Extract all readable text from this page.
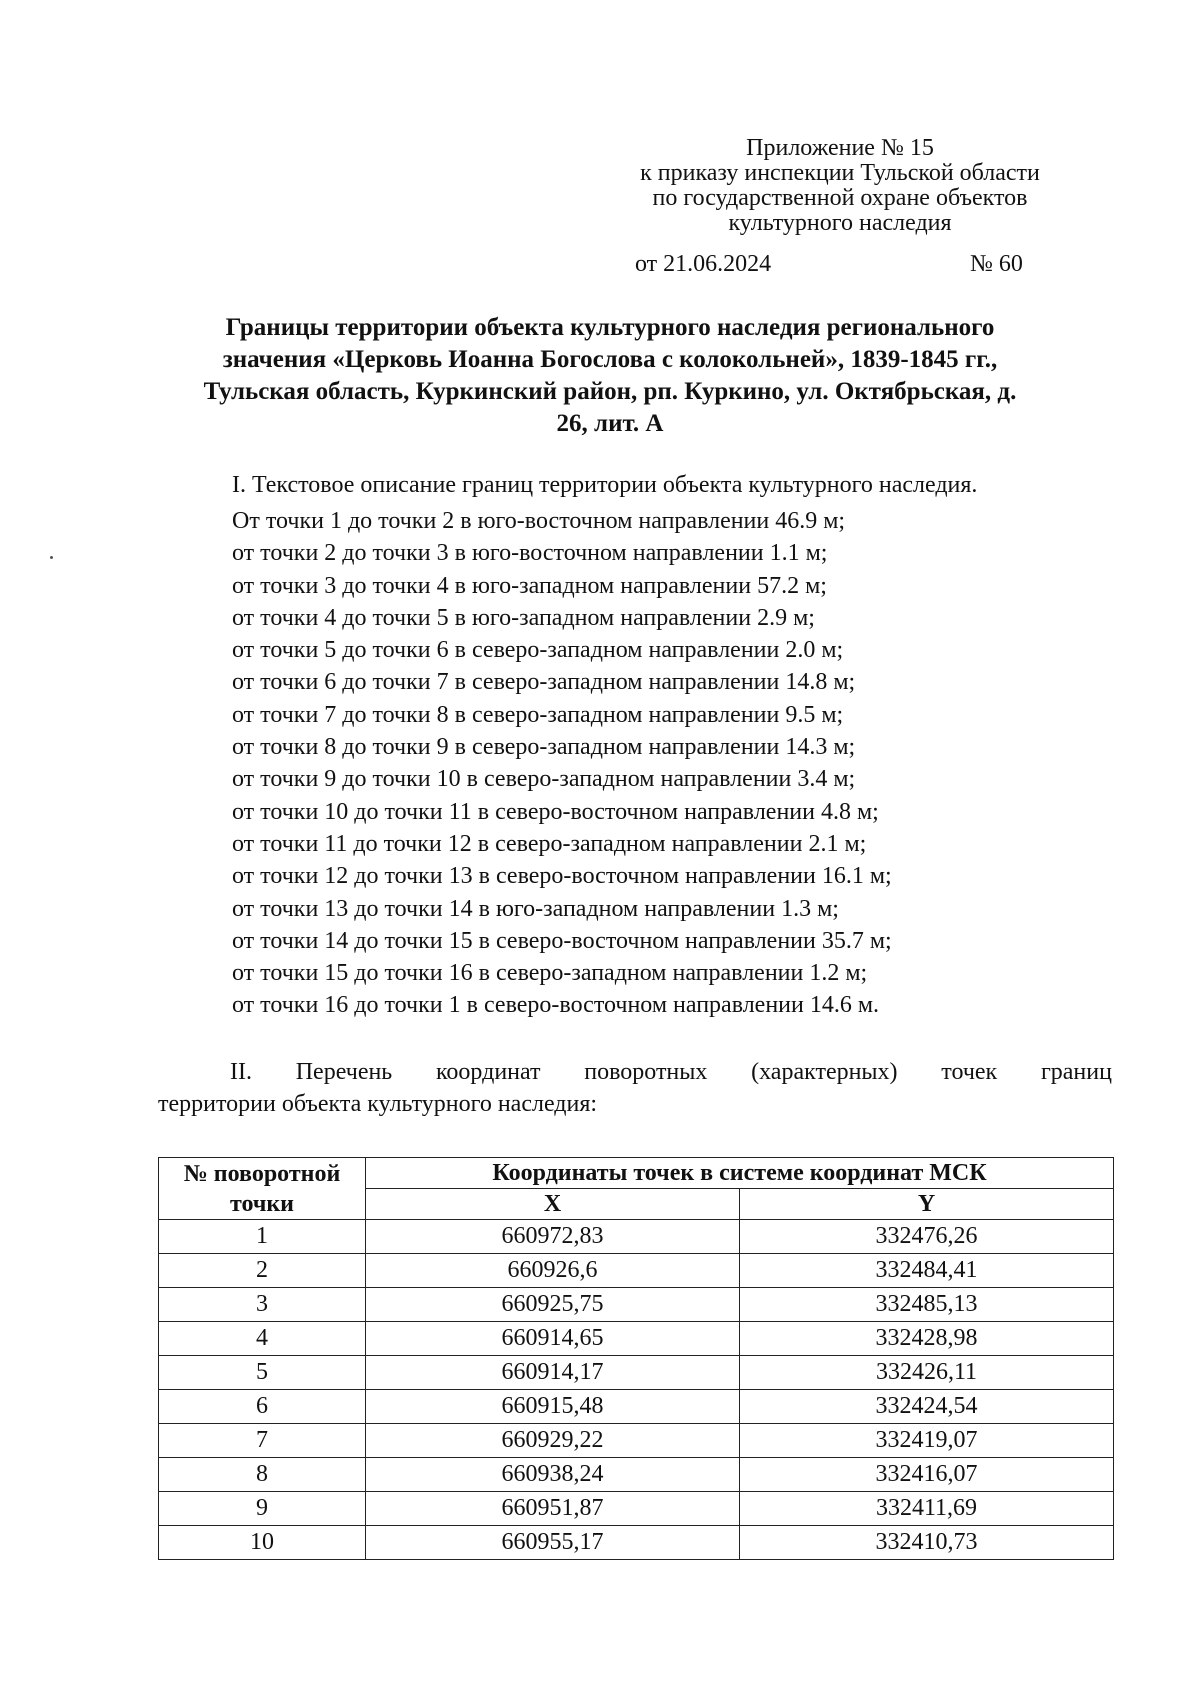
Приложение № 15
к приказу инспекции Тульской области
по государственной охране объектов
культурного наследия
от 21.06.2024	№ 60
Границы территории объекта культурного наследия регионального
значения «Церковь Иоанна Богослова с колокольней», 1839-1845 гг.,
Тульская область, Куркинский район, рп. Куркино, ул. Октябрьская, д.
26, лит. А
I. Текстовое описание границ территории объекта культурного наследия.
От точки 1 до точки 2 в юго-восточном направлении 46.9 м;
от точки 2 до точки 3 в юго-восточном направлении 1.1 м;
от точки 3 до точки 4 в юго-западном направлении 57.2 м;
от точки 4 до точки 5 в юго-западном направлении 2.9 м;
от точки 5 до точки 6 в северо-западном направлении 2.0 м;
от точки 6 до точки 7 в северо-западном направлении 14.8 м;
от точки 7 до точки 8 в северо-западном направлении 9.5 м;
от точки 8 до точки 9 в северо-западном направлении 14.3 м;
от точки 9 до точки 10 в северо-западном направлении 3.4 м;
от точки 10 до точки 11 в северо-восточном направлении 4.8 м;
от точки 11 до точки 12 в северо-западном направлении 2.1 м;
от точки 12 до точки 13 в северо-восточном направлении 16.1 м;
от точки 13 до точки 14 в юго-западном направлении 1.3 м;
от точки 14 до точки 15 в северо-восточном направлении 35.7 м;
от точки 15 до точки 16 в северо-западном направлении 1.2 м;
от точки 16 до точки 1 в северо-восточном направлении 14.6 м.
II. Перечень координат поворотных (характерных) точек границ
территории объекта культурного наследия:
№ поворотной точки	Координаты точек в системе координат МСК	
	X	Y
1	660972,83	332476,26
2	660926,6	332484,41
3	660925,75	332485,13
4	660914,65	332428,98
5	660914,17	332426,11
6	660915,48	332424,54
7	660929,22	332419,07
8	660938,24	332416,07
9	660951,87	332411,69
10	660955,17	332410,73
